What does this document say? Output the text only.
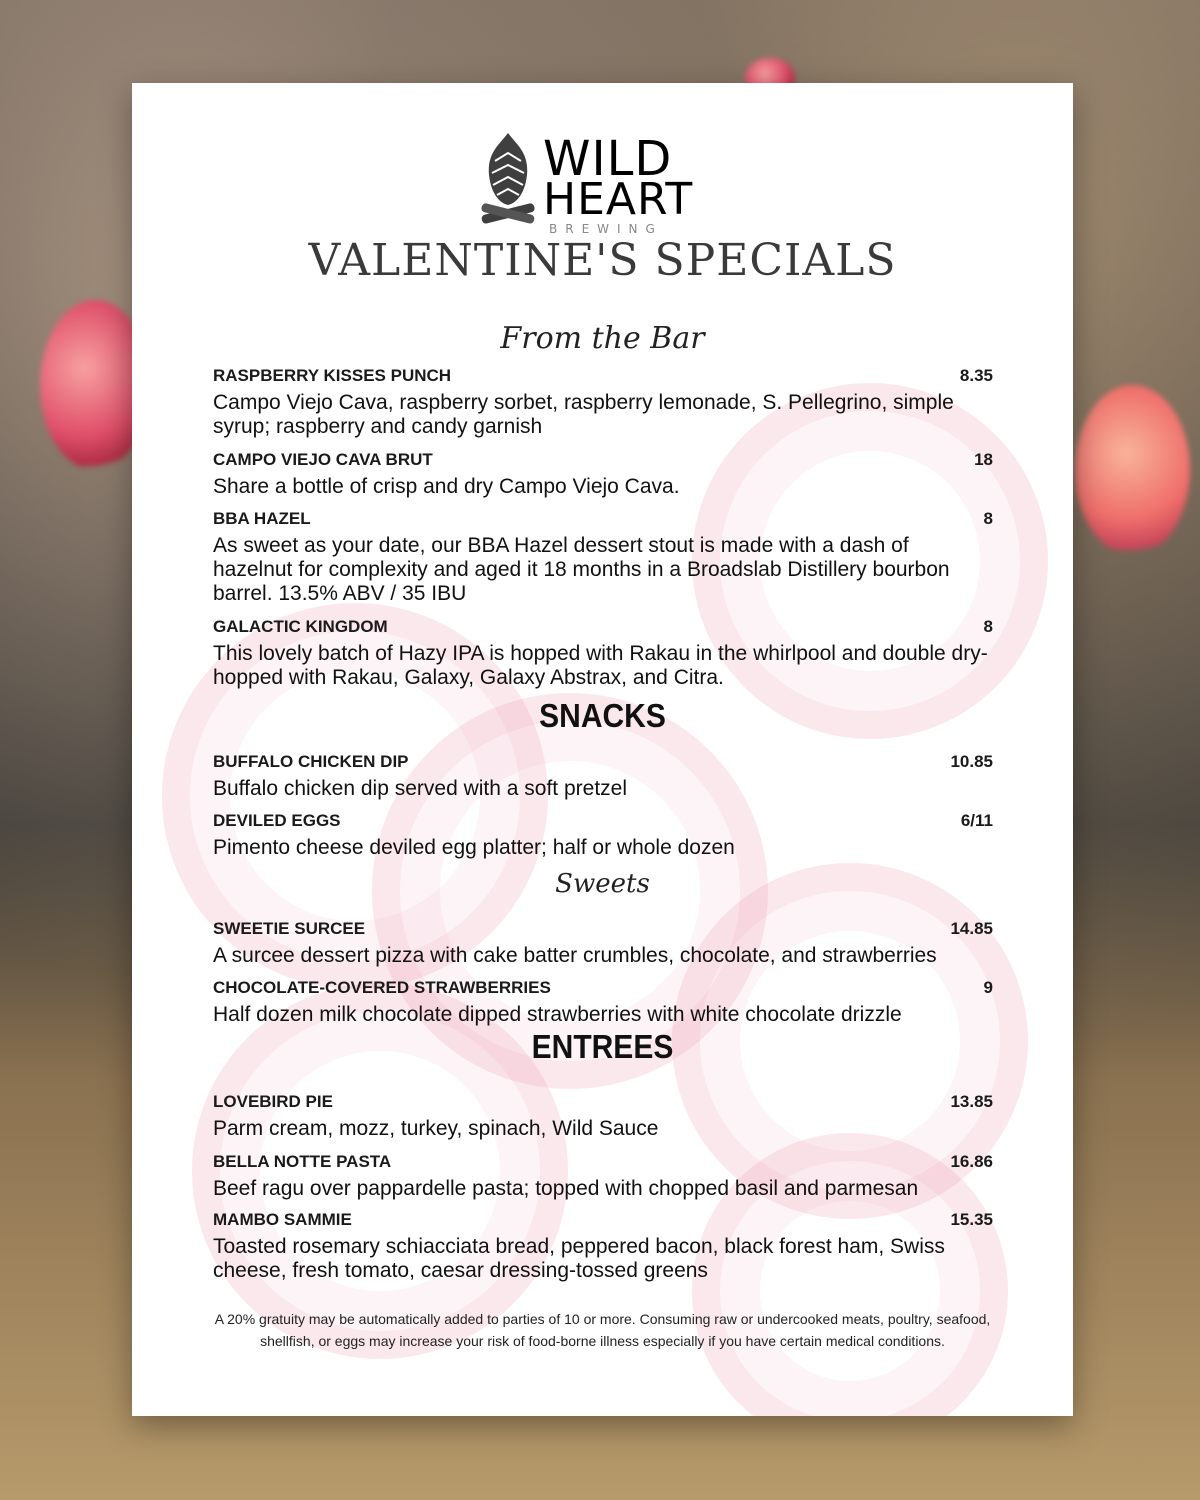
WILD
HEART
BREWING
VALENTINE'S SPECIALS
From the Bar
RASPBERRY KISSES PUNCH	8.35
Campo Viejo Cava, raspberry sorbet, raspberry lemonade, S. Pellegrino, simple syrup; raspberry and candy garnish
CAMPO VIEJO CAVA BRUT	18
Share a bottle of crisp and dry Campo Viejo Cava.
BBA HAZEL	8
As sweet as your date, our BBA Hazel dessert stout is made with a dash of hazelnut for complexity and aged it 18 months in a Broadslab Distillery bourbon barrel. 13.5% ABV / 35 IBU
GALACTIC KINGDOM	8
This lovely batch of Hazy IPA is hopped with Rakau in the whirlpool and double dry-hopped with Rakau, Galaxy, Galaxy Abstrax, and Citra.
SNACKS
BUFFALO CHICKEN DIP	10.85
Buffalo chicken dip served with a soft pretzel
DEVILED EGGS	6/11
Pimento cheese deviled egg platter; half or whole dozen
Sweets
SWEETIE SURCEE	14.85
A surcee dessert pizza with cake batter crumbles, chocolate, and strawberries
CHOCOLATE-COVERED STRAWBERRIES	9
Half dozen milk chocolate dipped strawberries with white chocolate drizzle
ENTREES
LOVEBIRD PIE	13.85
Parm cream, mozz, turkey, spinach, Wild Sauce
BELLA NOTTE PASTA	16.86
Beef ragu over pappardelle pasta; topped with chopped basil and parmesan
MAMBO SAMMIE	15.35
Toasted rosemary schiacciata bread, peppered bacon, black forest ham, Swiss cheese, fresh tomato, caesar dressing-tossed greens
A 20% gratuity may be automatically added to parties of 10 or more. Consuming raw or undercooked meats, poultry, seafood, shellfish, or eggs may increase your risk of food-borne illness especially if you have certain medical conditions.
